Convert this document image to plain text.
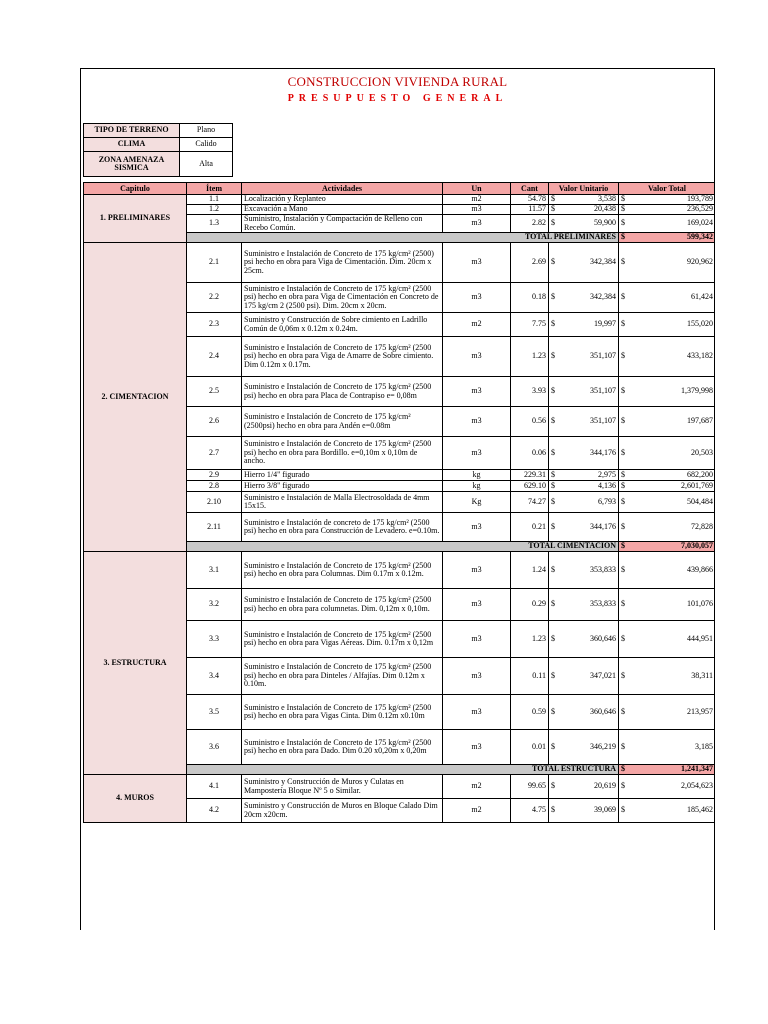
CONSTRUCCION VIVIENDA RURAL
PRESUPUESTO GENERAL
TIPO DE TERRENO	Plano
CLIMA	Calido
ZONA AMENAZA SISMICA	Alta
Capitulo	Ítem	Actividades	Un	Cant	Valor Unitario	Valor Total
1. PRELIMINARES	1.1	Localización y Replanteo	m2	54.78	$ 3,538	$ 193,789
	1.2	Excavación a Mano	m3	11.57	$ 20,438	$ 236,529
	1.3	Suministro, Instalación y Compactación de Relleno con Recebo Común.	m3	2.82	$ 59,900	$ 169,024
	TOTAL PRELIMINARES					$ 599,342
2. CIMENTACION	2.1	Suministro e Instalación de Concreto de 175 kg/cm² (2500) psi hecho en obra para Viga de Cimentación. Dim. 20cm x 25cm.	m3	2.69	$ 342,384	$ 920,962
	2.2	Suministro e Instalación de Concreto de 175 kg/cm² (2500 psi) hecho en obra para Viga de Cimentación en Concreto de 175 kg/cm 2 (2500 psi). Dim. 20cm x 20cm.	m3	0.18	$ 342,384	$ 61,424
	2.3	Suministro y Construcción de Sobre cimiento en Ladrillo Común de 0,06m x 0.12m x 0.24m.	m2	7.75	$ 19,997	$ 155,020
	2.4	Suministro e Instalación de Concreto de 175 kg/cm² (2500 psi) hecho en obra para Viga de Amarre de Sobre cimiento. Dim 0.12m x 0.17m.	m3	1.23	$ 351,107	$ 433,182
	2.5	Suministro e Instalación de Concreto de 175 kg/cm² (2500 psi) hecho en obra para Placa de Contrapiso e= 0,08m	m3	3.93	$ 351,107	$ 1,379,998
	2.6	Suministro e Instalación de Concreto de 175 kg/cm² (2500psi) hecho en obra para Andén e=0.08m	m3	0.56	$ 351,107	$ 197,687
	2.7	Suministro e Instalación de Concreto de 175 kg/cm² (2500 psi) hecho en obra para Bordillo. e=0,10m x 0,10m de ancho.	m3	0.06	$ 344,176	$ 20,503
	2.9	Hierro 1/4" figurado	kg	229.31	$ 2,975	$ 682,200
	2.8	Hierro 3/8" figurado	kg	629.10	$ 4,136	$ 2,601,769
	2.10	Suministro e Instalación de Malla Electrosoldada de 4mm 15x15.	Kg	74.27	$ 6,793	$ 504,484
	2.11	Suministro e Instalación de concreto de 175 kg/cm² (2500 psi) hecho en obra para Construcción de Levadero. e=0.10m.	m3	0.21	$ 344,176	$ 72,828
	TOTAL CIMENTACION					$ 7,030,057
3. ESTRUCTURA	3.1	Suministro e Instalación de Concreto de 175 kg/cm² (2500 psi) hecho en obra para Columnas. Dim 0.17m x 0.12m.	m3	1.24	$ 353,833	$ 439,866
	3.2	Suministro e Instalación de Concreto de 175 kg/cm² (2500 psi) hecho en obra para columnetas. Dim. 0,12m x 0,10m.	m3	0.29	$ 353,833	$ 101,076
	3.3	Suministro e Instalación de Concreto de 175 kg/cm² (2500 psi) hecho en obra para Vigas Aéreas. Dim. 0.17m x 0,12m	m3	1.23	$ 360,646	$ 444,951
	3.4	Suministro e Instalación de Concreto de 175 kg/cm² (2500 psi) hecho en obra para Dinteles / Alfajías. Dim 0.12m x 0.10m.	m3	0.11	$ 347,021	$ 38,311
	3.5	Suministro e Instalación de Concreto de 175 kg/cm² (2500 psi) hecho en obra para Vigas Cinta. Dim 0.12m x0.10m	m3	0.59	$ 360,646	$ 213,957
	3.6	Suministro e Instalación de Concreto de 175 kg/cm² (2500 psi) hecho en obra para Dado. Dim 0.20 x0,20m x 0,20m	m3	0.01	$ 346,219	$ 3,185
	TOTAL ESTRUCTURA					$ 1,241,347
4. MUROS	4.1	Suministro y Construcción de Muros y Culatas en Mampostería Bloque Nº 5 o Similar.	m2	99.65	$ 20,619	$ 2,054,623
	4.2	Suministro y Construcción de Muros en Bloque Calado Dim 20cm x20cm.	m2	4.75	$ 39,069	$ 185,462
